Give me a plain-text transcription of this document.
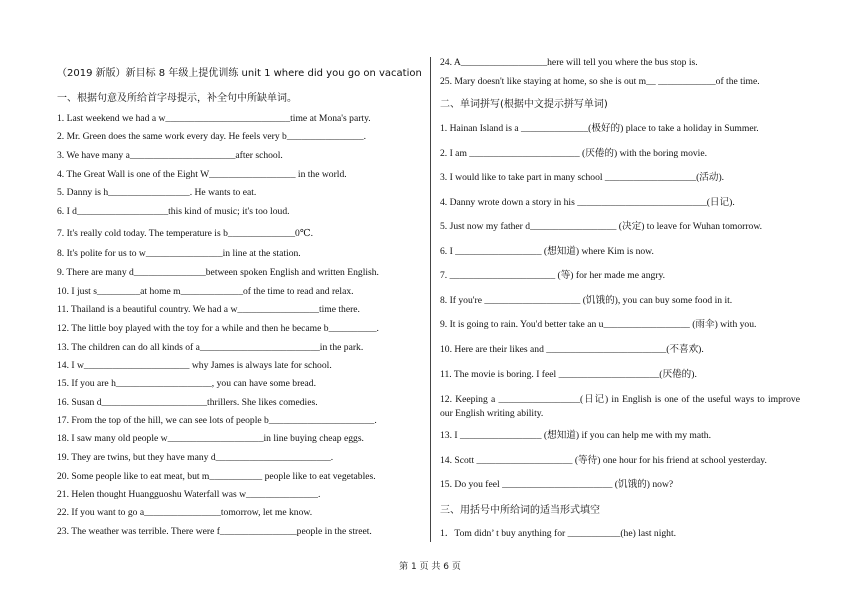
（2019 新版）新目标 8 年级上提优训练 unit 1 where did you go on vacation
一、根据句意及所给首字母提示，补全句中所缺单词。
1. Last weekend we had a w__________________________time at Mona's party.
2. Mr. Green does the same work every day. He feels very b________________.
3. We have many a______________________after school.
4. The Great Wall is one of the Eight W__________________ in the world.
5. Danny is h_________________. He wants to eat.
6. I d___________________this kind of music; it's too loud.
7. It's really cold today. The temperature is b______________0℃.
8. It's polite for us to w________________in line at the station.
9. There are many d_______________between spoken English and written English.
10. I just s_________at home m_____________of the time to read and relax.
11. Thailand is a beautiful country. We had a w_________________time there.
12. The little boy played with the toy for a while and then he became b__________.
13. The children can do all kinds of a_________________________in the park.
14. I w______________________ why James is always late for school.
15. If you are h____________________, you can have some bread.
16. Susan d______________________thrillers. She likes comedies.
17. From the top of the hill, we can see lots of people b______________________.
18. I saw many old people w____________________in line buying cheap eggs.
19. They are twins, but they have many d________________________.
20. Some people like to eat meat, but m___________ people like to eat vegetables.
21. Helen thought Huangguoshu Waterfall was w_______________.
22. If you want to go a________________tomorrow, let me know.
23. The weather was terrible. There were f________________people in the street.
24. A__________________here will tell you where the bus stop is.
25. Mary doesn't like staying at home, so she is out m__ ____________of the time.
二、单词拼写(根据中文提示拼写单词)
1. Hainan Island is a ______________(极好的) place to take a holiday in Summer.
2. I am _______________________ (厌倦的) with the boring movie.
3. I would like to take part in many school ___________________(活动).
4. Danny wrote down a story in his ___________________________(日记).
5. Just now my father d__________________ (决定) to leave for Wuhan tomorrow.
6. I __________________ (想知道) where Kim is now.
7. ______________________ (等) for her made me angry.
8. If you're ____________________ (饥饿的), you can buy some food in it.
9. It is going to rain. You'd better take an u__________________ (雨伞) with you.
10. Here are their likes and _________________________(不喜欢).
11. The movie is boring. I feel _____________________(厌倦的).
12. Keeping a _________________(日记) in English is one of the useful ways to improve our English writing ability.
13. I _________________ (想知道) if you can help me with my math.
14. Scott ____________________ (等待) one hour for his friend at school yesterday.
15. Do you feel _______________________ (饥饿的) now?
三、用括号中所给词的适当形式填空
1．Tom didn’ t buy anything for ___________(he) last night.
第 1 页 共 6 页
